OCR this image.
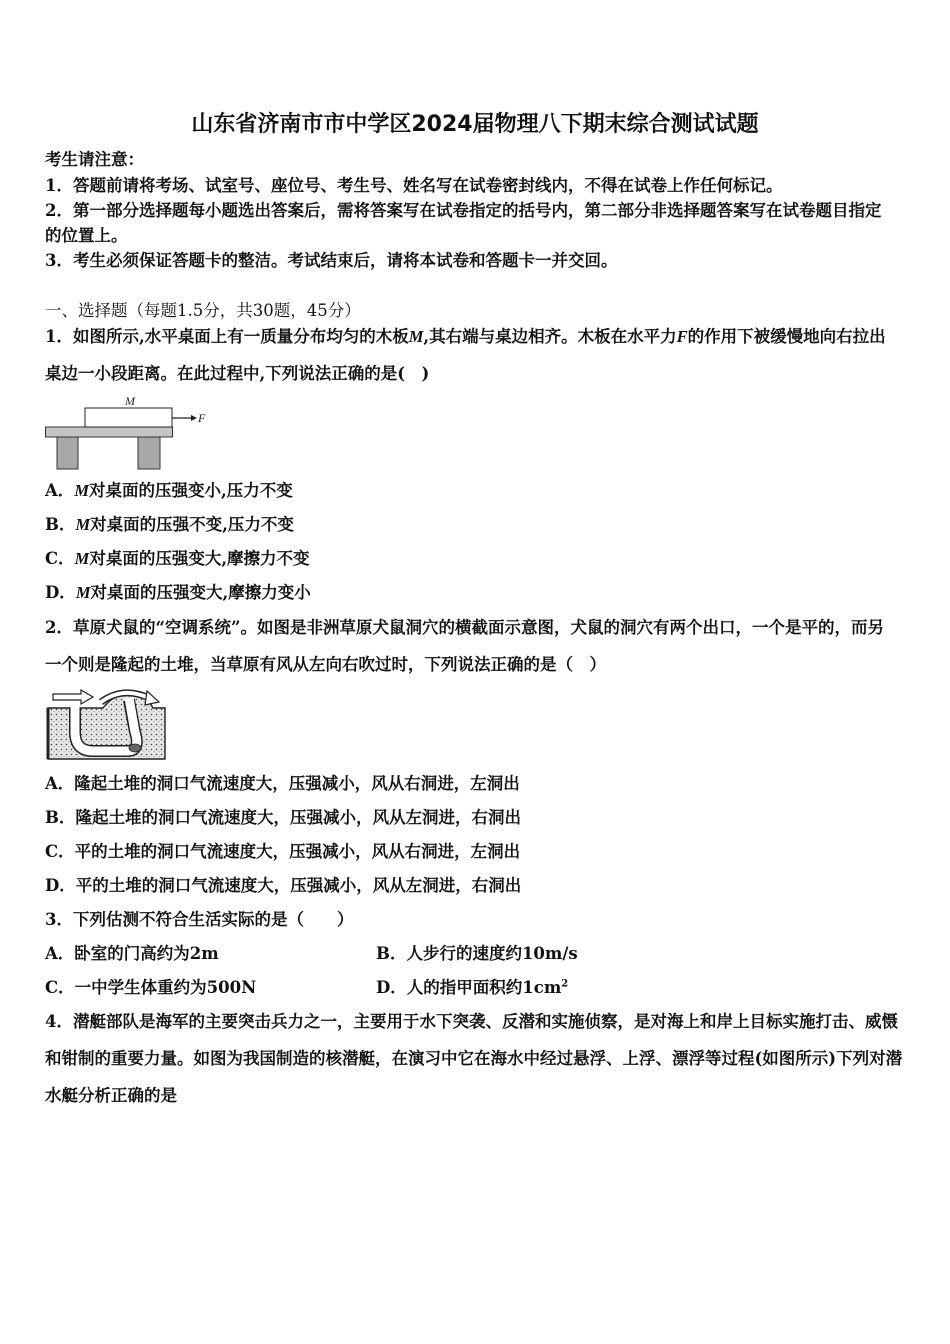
山东省济南市市中学区2024届物理八下期末综合测试试题
考生请注意：
1．答题前请将考场、试室号、座位号、考生号、姓名写在试卷密封线内，不得在试卷上作任何标记。
2．第一部分选择题每小题选出答案后，需将答案写在试卷指定的括号内，第二部分非选择题答案写在试卷题目指定
的位置上。
3．考生必须保证答题卡的整洁。考试结束后，请将本试卷和答题卡一并交回。
一、选择题（每题1.5分，共30题，45分）
1．如图所示,水平桌面上有一质量分布均匀的木板M,其右端与桌边相齐。木板在水平力F的作用下被缓慢地向右拉出
桌边一小段距离。在此过程中,下列说法正确的是(　)
M
F
A．M对桌面的压强变小,压力不变
B．M对桌面的压强不变,压力不变
C．M对桌面的压强变大,摩擦力不变
D．M对桌面的压强变大,摩擦力变小
2．草原犬鼠的“空调系统”。如图是非洲草原犬鼠洞穴的横截面示意图，犬鼠的洞穴有两个出口，一个是平的，而另
一个则是隆起的土堆，当草原有风从左向右吹过时，下列说法正确的是（　）
A．隆起土堆的洞口气流速度大，压强减小，风从右洞进，左洞出
B．隆起土堆的洞口气流速度大，压强减小，风从左洞进，右洞出
C．平的土堆的洞口气流速度大，压强减小，风从右洞进，左洞出
D．平的土堆的洞口气流速度大，压强减小，风从左洞进，右洞出
3．下列估测不符合生活实际的是（　　）
A．卧室的门高约为2m	B．人步行的速度约10m/s
C．一中学生体重约为500N	D．人的指甲面积约$1cm^2$
4．潜艇部队是海军的主要突击兵力之一，主要用于水下突袭、反潜和实施侦察，是对海上和岸上目标实施打击、威慑
和钳制的重要力量。如图为我国制造的核潜艇，在演习中它在海水中经过悬浮、上浮、漂浮等过程(如图所示)下列对潜
水艇分析正确的是
